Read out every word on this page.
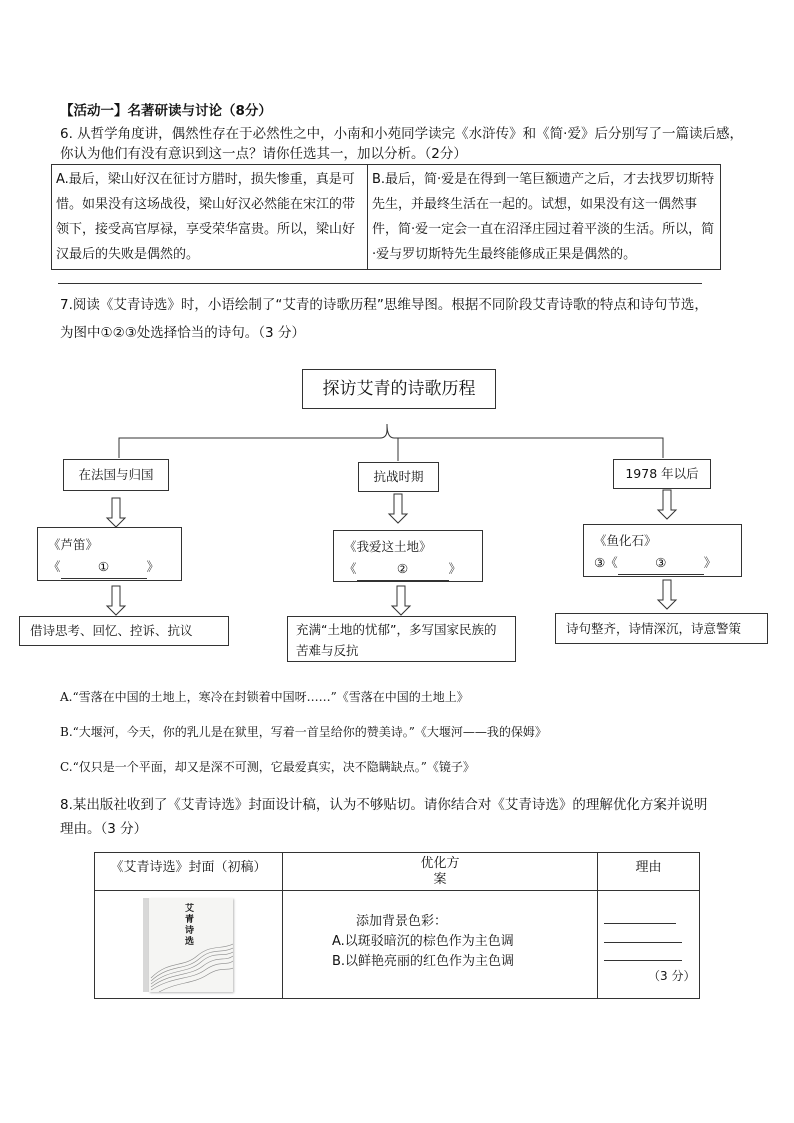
【活动一】名著研读与讨论（8分）
6. 从哲学角度讲，偶然性存在于必然性之中，小南和小苑同学读完《水浒传》和《简·爱》后分别写了一篇读后感，
你认为他们有没有意识到这一点？请你任选其一，加以分析。（2分）
A.最后，梁山好汉在征讨方腊时，损失惨重，真是可惜。如果没有这场战役，梁山好汉必然能在宋江的带领下，接受高官厚禄，享受荣华富贵。所以，梁山好汉最后的失败是偶然的。	B.最后，简·爱是在得到一笔巨额遗产之后，才去找罗切斯特先生，并最终生活在一起的。试想，如果没有这一偶然事件，简·爱一定会一直在沼泽庄园过着平淡的生活。所以，简·爱与罗切斯特先生最终能修成正果是偶然的。
7.阅读《艾青诗选》时，小语绘制了“艾青的诗歌历程”思维导图。根据不同阶段艾青诗歌的特点和诗句节选，
为图中①②③处选择恰当的诗句。（3 分）
探访艾青的诗歌历程
在法国与归国
《芦笛》
《	①	》
借诗思考、回忆、控诉、抗议
抗战时期
《我爱这土地》
《	②	》
充满“土地的忧郁”，多写国家民族的苦难与反抗
1978 年以后
《鱼化石》
③《	③	》
诗句整齐，诗情深沉，诗意警策
A.“雪落在中国的土地上，寒冷在封锁着中国呀……”《雪落在中国的土地上》
B.“大堰河，今天，你的乳儿是在狱里，写着一首呈给你的赞美诗。”《大堰河——我的保姆》
C.“仅只是一个平面，却又是深不可测，它最爱真实，决不隐瞒缺点。”《镜子》
8.某出版社收到了《艾青诗选》封面设计稿，认为不够贴切。请你结合对《艾青诗选》的理解优化方案并说明
理由。（3 分）
《艾青诗选》封面（初稿）	优化方
案	理由

艾青诗选	添加背景色彩：
A.以斑驳暗沉的棕色作为主色调
B.以鲜艳亮丽的红色作为主色调	（3 分）
